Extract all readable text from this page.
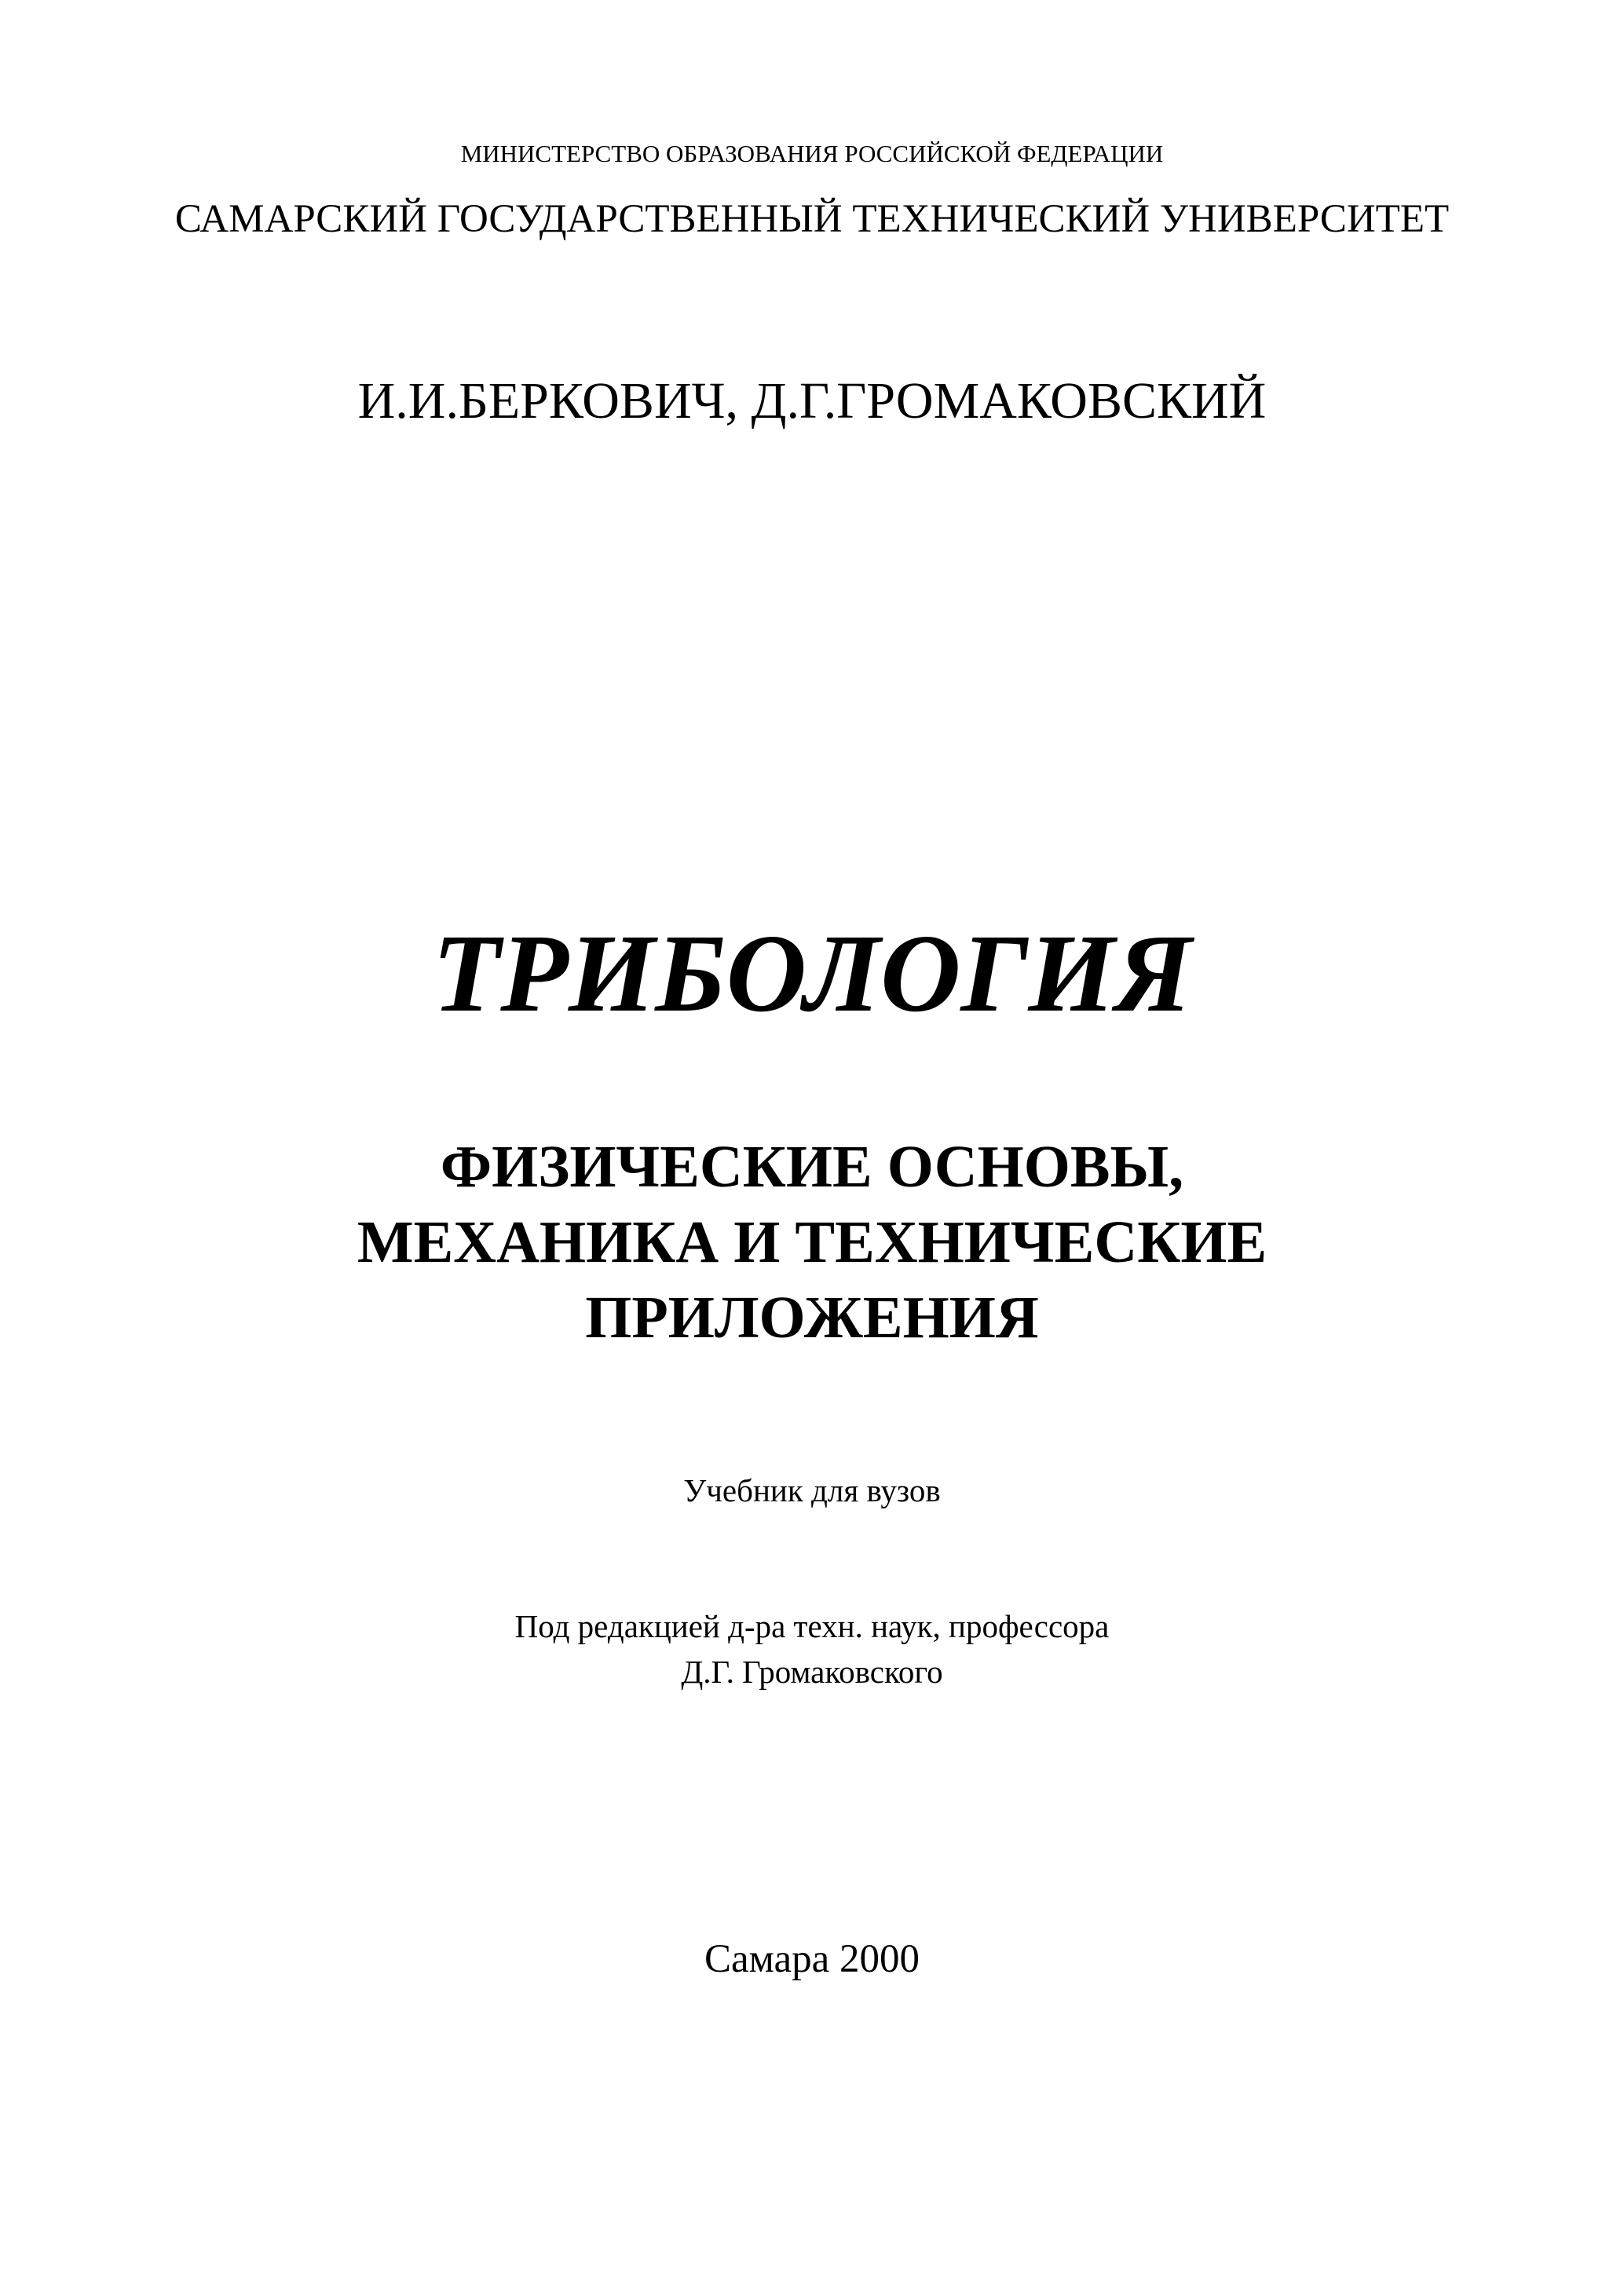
МИНИСТЕРСТВО ОБРАЗОВАНИЯ РОССИЙСКОЙ ФЕДЕРАЦИИ

САМАРСКИЙ ГОСУДАРСТВЕННЫЙ ТЕХНИЧЕСКИЙ УНИВЕРСИТЕТ

И.И.БЕРКОВИЧ, Д.Г.ГРОМАКОВСКИЙ

ТРИБОЛОГИЯ
ФИЗИЧЕСКИЕ ОСНОВЫ,
МЕХАНИКА И ТЕХНИЧЕСКИЕ
ПРИЛОЖЕНИЯ

Учебник для вузов

Под редакцией д-ра техн. наук, профессора
Д.Г. Громаковского

Самара 2000
